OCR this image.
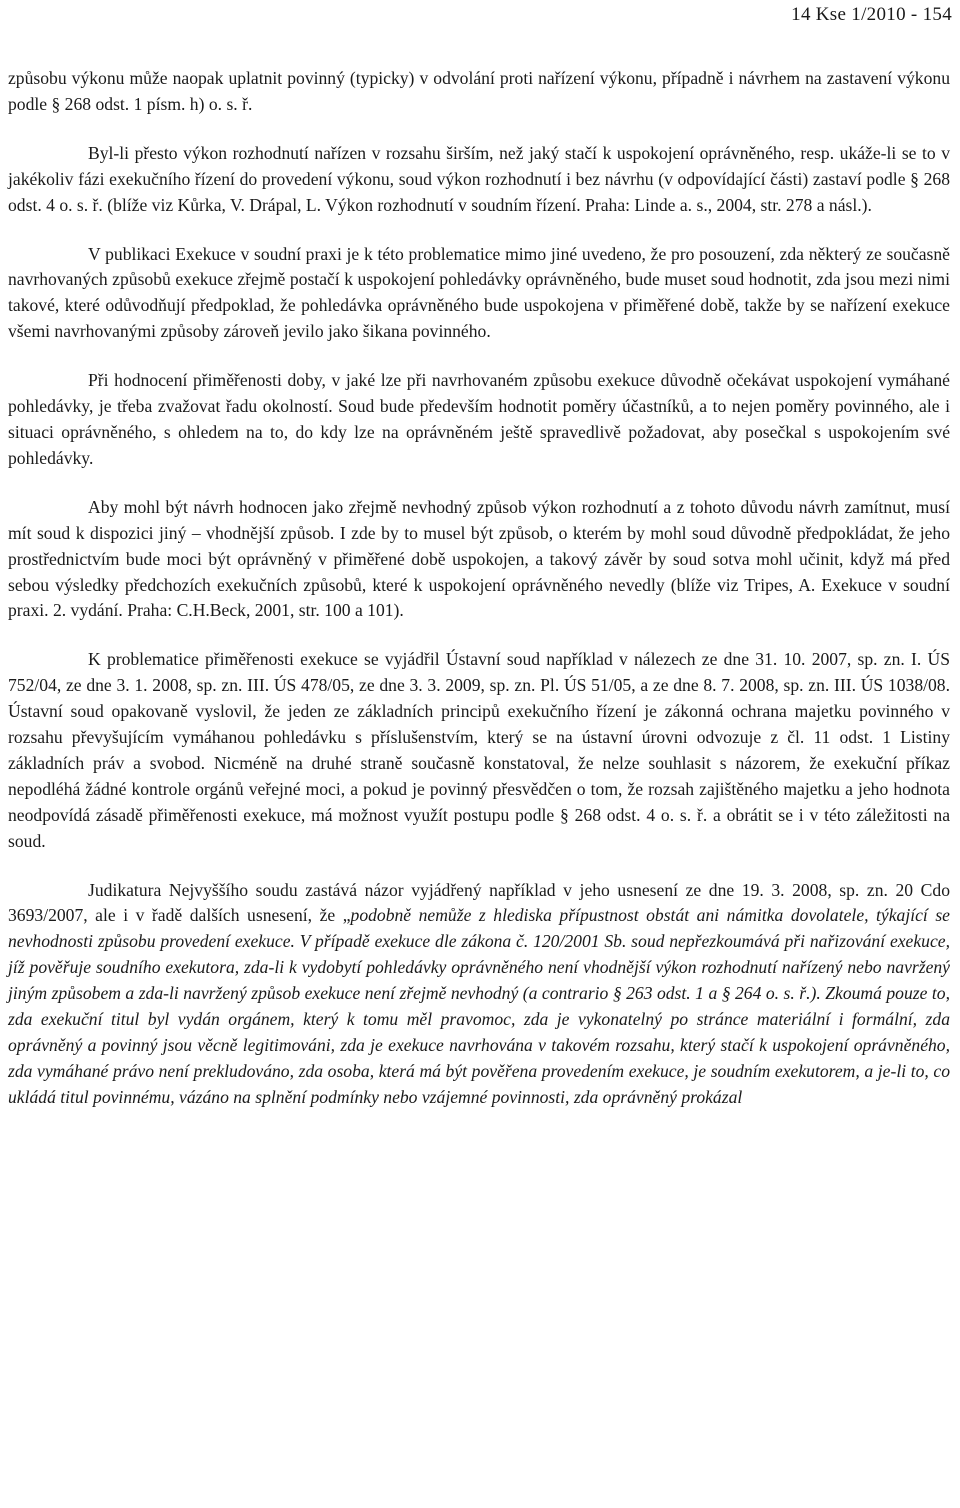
14 Kse 1/2010 - 154

způsobu výkonu může naopak uplatnit povinný (typicky) v odvolání proti nařízení výkonu, případně i návrhem na zastavení výkonu podle § 268 odst. 1 písm. h) o. s. ř.

Byl-li přesto výkon rozhodnutí nařízen v rozsahu širším, než jaký stačí k uspokojení oprávněného, resp. ukáže-li se to v jakékoliv fázi exekučního řízení do provedení výkonu, soud výkon rozhodnutí i bez návrhu (v odpovídající části) zastaví podle § 268 odst. 4 o. s. ř. (blíže viz Kůrka, V. Drápal, L. Výkon rozhodnutí v soudním řízení. Praha: Linde a. s., 2004, str. 278 a násl.).

V publikaci Exekuce v soudní praxi je k této problematice mimo jiné uvedeno, že pro posouzení, zda některý ze současně navrhovaných způsobů exekuce zřejmě postačí k uspokojení pohledávky oprávněného, bude muset soud hodnotit, zda jsou mezi nimi takové, které odůvodňují předpoklad, že pohledávka oprávněného bude uspokojena v přiměřené době, takže by se nařízení exekuce všemi navrhovanými způsoby zároveň jevilo jako šikana povinného.

Při hodnocení přiměřenosti doby, v jaké lze při navrhovaném způsobu exekuce důvodně očekávat uspokojení vymáhané pohledávky, je třeba zvažovat řadu okolností. Soud bude především hodnotit poměry účastníků, a to nejen poměry povinného, ale i situaci oprávněného, s ohledem na to, do kdy lze na oprávněném ještě spravedlivě požadovat, aby posečkal s uspokojením své pohledávky.

Aby mohl být návrh hodnocen jako zřejmě nevhodný způsob výkon rozhodnutí a z tohoto důvodu návrh zamítnut, musí mít soud k dispozici jiný – vhodnější způsob. I zde by to musel být způsob, o kterém by mohl soud důvodně předpokládat, že jeho prostřednictvím bude moci být oprávněný v přiměřené době uspokojen, a takový závěr by soud sotva mohl učinit, když má před sebou výsledky předchozích exekučních způsobů, které k uspokojení oprávněného nevedly (blíže viz Tripes, A. Exekuce v soudní praxi. 2. vydání. Praha: C.H.Beck, 2001, str. 100 a 101).

K problematice přiměřenosti exekuce se vyjádřil Ústavní soud například v nálezech ze dne 31. 10. 2007, sp. zn. I. ÚS 752/04, ze dne 3. 1. 2008, sp. zn. III. ÚS 478/05, ze dne 3. 3. 2009, sp. zn. Pl. ÚS 51/05, a ze dne 8. 7. 2008, sp. zn. III. ÚS 1038/08. Ústavní soud opakovaně vyslovil, že jeden ze základních principů exekučního řízení je zákonná ochrana majetku povinného v rozsahu převyšujícím vymáhanou pohledávku s příslušenstvím, který se na ústavní úrovni odvozuje z čl. 11 odst. 1 Listiny základních práv a svobod. Nicméně na druhé straně současně konstatoval, že nelze souhlasit s názorem, že exekuční příkaz nepodléhá žádné kontrole orgánů veřejné moci, a pokud je povinný přesvědčen o tom, že rozsah zajištěného majetku a jeho hodnota neodpovídá zásadě přiměřenosti exekuce, má možnost využít postupu podle § 268 odst. 4 o. s. ř. a obrátit se i v této záležitosti na soud.

Judikatura Nejvyššího soudu zastává názor vyjádřený například v jeho usnesení ze dne 19. 3. 2008, sp. zn. 20 Cdo 3693/2007, ale i v řadě dalších usnesení, že „podobně nemůže z hlediska přípustnost obstát ani námitka dovolatele, týkající se nevhodnosti způsobu provedení exekuce. V případě exekuce dle zákona č. 120/2001 Sb. soud nepřezkoumává při nařizování exekuce, jíž pověřuje soudního exekutora, zda-li k vydobytí pohledávky oprávněného není vhodnější výkon rozhodnutí nařízený nebo navržený jiným způsobem a zda-li navržený způsob exekuce není zřejmě nevhodný (a contrario § 263 odst. 1 a § 264 o. s. ř.). Zkoumá pouze to, zda exekuční titul byl vydán orgánem, který k tomu měl pravomoc, zda je vykonatelný po stránce materiální i formální, zda oprávněný a povinný jsou věcně legitimováni, zda je exekuce navrhována v takovém rozsahu, který stačí k uspokojení oprávněného, zda vymáhané právo není prekludováno, zda osoba, která má být pověřena provedením exekuce, je soudním exekutorem, a je-li to, co ukládá titul povinnému, vázáno na splnění podmínky nebo vzájemné povinnosti, zda oprávněný prokázal
